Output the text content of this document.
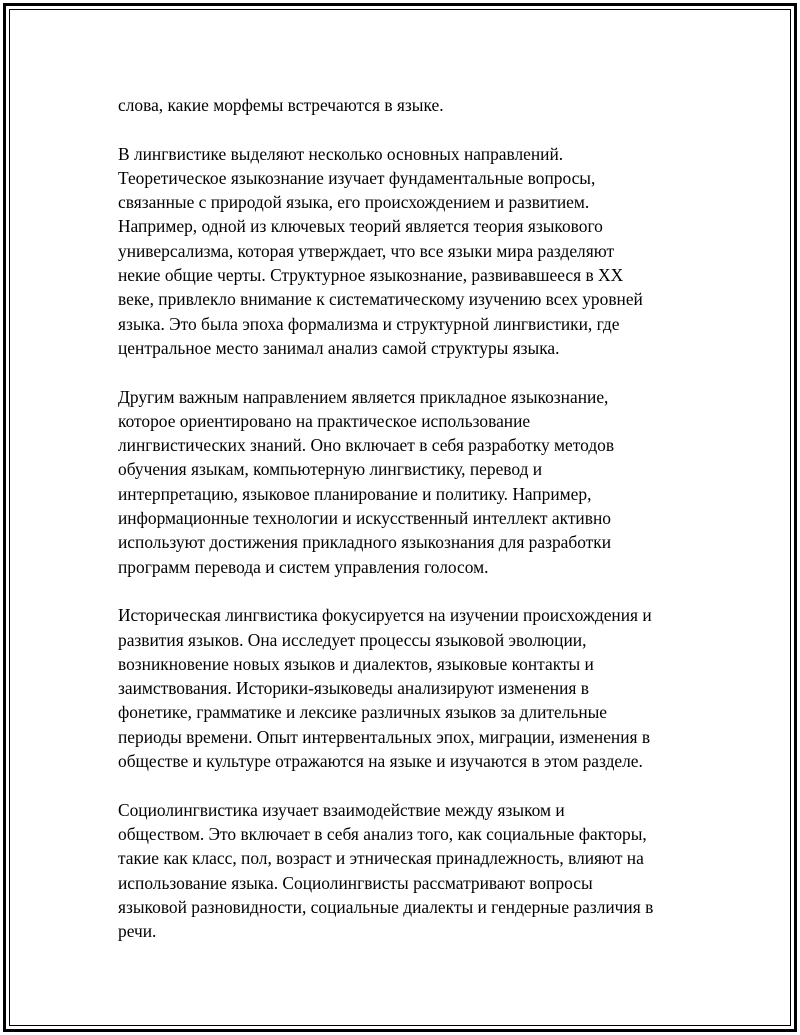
слова, какие морфемы встречаются в языке.
В лингвистике выделяют несколько основных направлений.
Теоретическое языкознание изучает фундаментальные вопросы,
связанные с природой языка, его происхождением и развитием.
Например, одной из ключевых теорий является теория языкового
универсализма, которая утверждает, что все языки мира разделяют
некие общие черты. Структурное языкознание, развивавшееся в XX
веке, привлекло внимание к систематическому изучению всех уровней
языка. Это была эпоха формализма и структурной лингвистики, где
центральное место занимал анализ самой структуры языка.
Другим важным направлением является прикладное языкознание,
которое ориентировано на практическое использование
лингвистических знаний. Оно включает в себя разработку методов
обучения языкам, компьютерную лингвистику, перевод и
интерпретацию, языковое планирование и политику. Например,
информационные технологии и искусственный интеллект активно
используют достижения прикладного языкознания для разработки
программ перевода и систем управления голосом.
Историческая лингвистика фокусируется на изучении происхождения и
развития языков. Она исследует процессы языковой эволюции,
возникновение новых языков и диалектов, языковые контакты и
заимствования. Историки-языковеды анализируют изменения в
фонетике, грамматике и лексике различных языков за длительные
периоды времени. Опыт интервентальных эпох, миграции, изменения в
обществе и культуре отражаются на языке и изучаются в этом разделе.
Социолингвистика изучает взаимодействие между языком и
обществом. Это включает в себя анализ того, как социальные факторы,
такие как класс, пол, возраст и этническая принадлежность, влияют на
использование языка. Социолингвисты рассматривают вопросы
языковой разновидности, социальные диалекты и гендерные различия в
речи.
